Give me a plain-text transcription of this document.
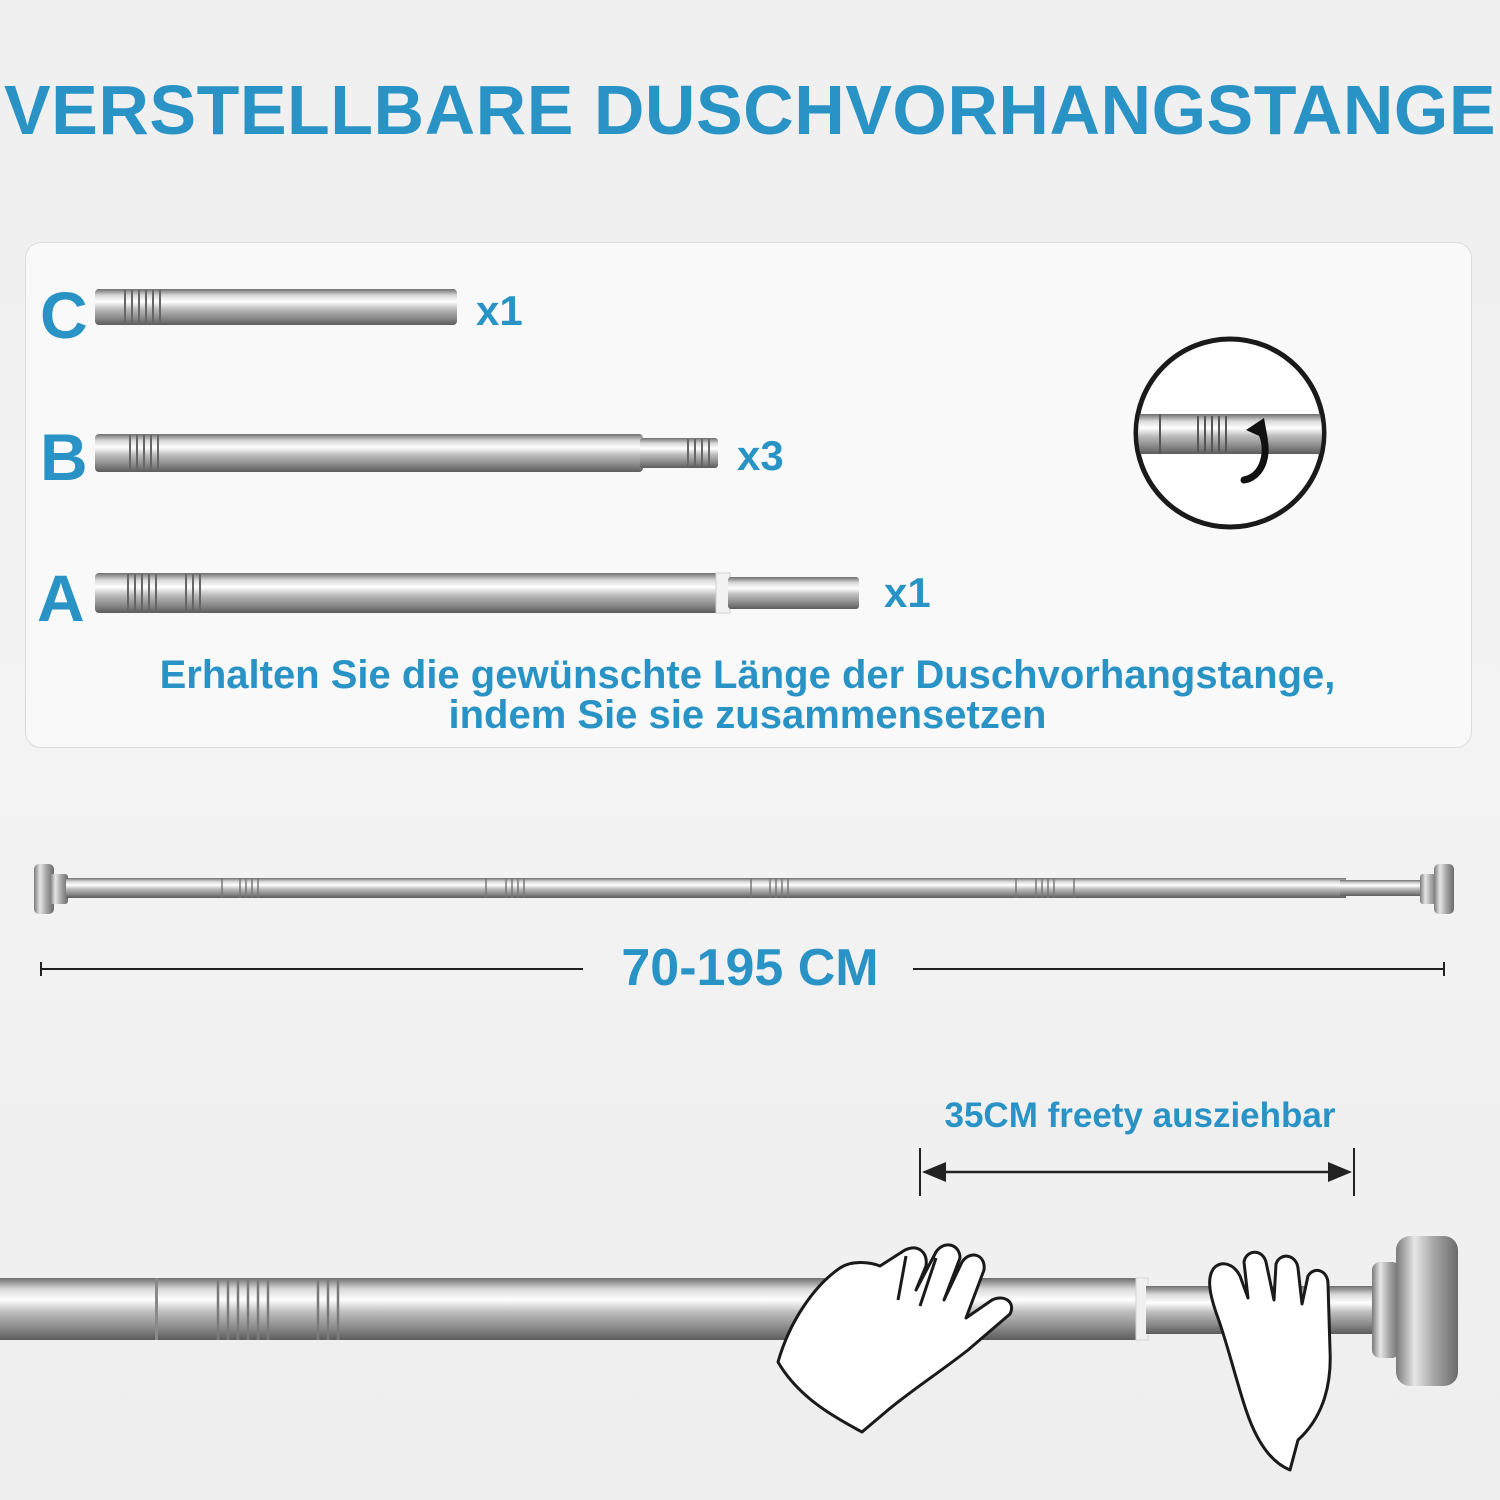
VERSTELLBARE DUSCHVORHANGSTANGE
C	x1
B	x3
A	x1
Erhalten Sie die gewünschte Länge der Duschvorhangstange,
indem Sie sie zusammensetzen
70-195 CM
35CM freety ausziehbar
